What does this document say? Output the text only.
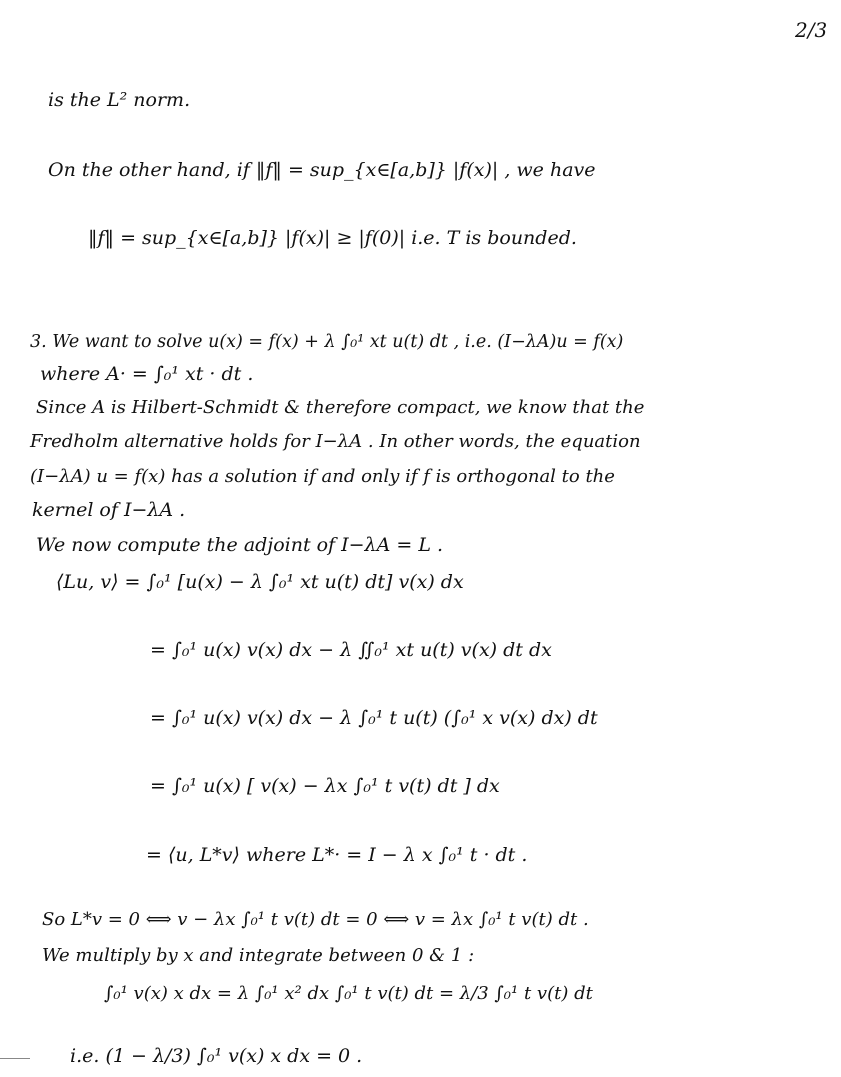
2/3
is the L² norm.
On the other hand, if ‖f‖ = sup_{x∈[a,b]} |f(x)| , we have
‖f‖ = sup_{x∈[a,b]} |f(x)| ≥ |f(0)| i.e. T is bounded.
3. We want to solve u(x) = f(x) + λ ∫₀¹ xt u(t) dt , i.e. (I−λA)u = f(x)
where A· = ∫₀¹ xt · dt .
Since A is Hilbert-Schmidt & therefore compact, we know that the
Fredholm alternative holds for I−λA . In other words, the equation
(I−λA) u = f(x) has a solution if and only if f is orthogonal to the
kernel of I−λA .
We now compute the adjoint of I−λA = L .
⟨Lu, v⟩ = ∫₀¹ [u(x) − λ ∫₀¹ xt u(t) dt] v(x) dx
= ∫₀¹ u(x) v(x) dx − λ ∬₀¹ xt u(t) v(x) dt dx
= ∫₀¹ u(x) v(x) dx − λ ∫₀¹ t u(t) (∫₀¹ x v(x) dx) dt
= ∫₀¹ u(x) [ v(x) − λx ∫₀¹ t v(t) dt ] dx
= ⟨u, L*v⟩ where L*· = I − λ x ∫₀¹ t · dt .
So L*v = 0 ⟺ v − λx ∫₀¹ t v(t) dt = 0 ⟺ v = λx ∫₀¹ t v(t) dt .
We multiply by x and integrate between 0 & 1 :
∫₀¹ v(x) x dx = λ ∫₀¹ x² dx ∫₀¹ t v(t) dt = λ/3 ∫₀¹ t v(t) dt
i.e. (1 − λ/3) ∫₀¹ v(x) x dx = 0 .
